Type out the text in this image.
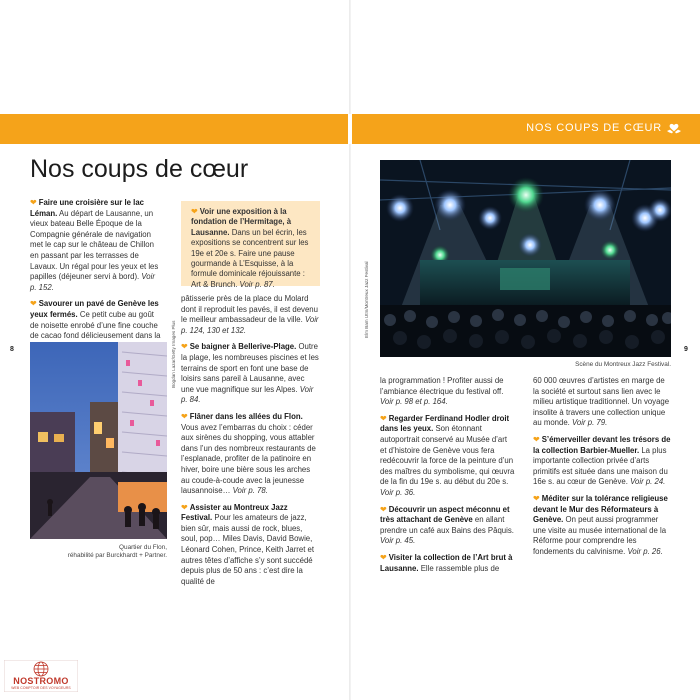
NOS COUPS DE CŒUR
Nos coups de cœur

❤ Faire une croisière sur le lac Léman. Au départ de Lausanne, un vieux bateau Belle Époque de la Compagnie générale de navigation met le cap sur le château de Chillon en passant par les terrasses de Lavaux. Un régal pour les yeux et les papilles (déjeuner servi à bord). Voir p. 152.

❤ Savourer un pavé de Genève les yeux fermés. Ce petit cube au goût de noisette enrobé d’une fine couche de cacao fond délicieusement dans la

❤ Voir une exposition à la fondation de l’Hermitage, à Lausanne. Dans un bel écrin, les expositions se concentrent sur les 19e et 20e s. Faire une pause gourmande à L’Esquisse, à la formule dominicale réjouissante : Art & Brunch. Voir p. 87.

pâtisserie près de la place du Molard dont il reproduit les pavés, il est devenu le meilleur ambassadeur de la ville. Voir p. 124, 130 et 132.

❤ Se baigner à Bellerive-Plage. Outre la plage, les nombreuses piscines et les terrains de sport en font une base de loisirs sans pareil à Lausanne, avec une vue magnifique sur les Alpes. Voir p. 84.

❤ Flâner dans les allées du Flon. Vous avez l’embarras du choix : céder aux sirènes du shopping, vous attabler dans l’un des nombreux restaurants de l’esplanade, profiter de la patinoire en hiver, boire une bière sous les arches au coude-à-coude avec la jeunesse lausannoise… Voir p. 78.

❤ Assister au Montreux Jazz Festival. Pour les amateurs de jazz, bien sûr, mais aussi de rock, blues, soul, pop… Miles Davis, David Bowie, Léonard Cohen, Prince, Keith Jarret et autres têtes d’affiche s’y sont succédé depuis plus de 50 ans : c’est dire la qualité de

Bogdan Lazar/Getty Images Plus
Quartier du Flon,
réhabilité par Burckhardt + Partner.
Elm Bam Utm/Montreux Jazz Festival
Scène du Montreux Jazz Festival.

la programmation ! Profiter aussi de l’ambiance électrique du festival off. Voir p. 98 et p. 164.

❤ Regarder Ferdinand Hodler droit dans les yeux. Son étonnant autoportrait conservé au Musée d’art et d’histoire de Genève vous fera redécouvrir la force de la peinture d’un des maîtres du symbolisme, qui œuvra de la fin du 19e s. au début du 20e s. Voir p. 36.

❤ Découvrir un aspect méconnu et très attachant de Genève en allant prendre un café aux Bains des Pâquis. Voir p. 45.

❤ Visiter la collection de l’Art brut à Lausanne. Elle rassemble plus de

60 000 œuvres d’artistes en marge de la société et surtout sans lien avec le milieu artistique traditionnel. Un voyage insolite à travers une collection unique au monde. Voir p. 79.

❤ S’émerveiller devant les trésors de la collection Barbier-Mueller. La plus importante collection privée d’arts primitifs est située dans une maison du 16e s. au cœur de Genève. Voir p. 24.

❤ Méditer sur la tolérance religieuse devant le Mur des Réformateurs à Genève. On peut aussi programmer une visite au musée international de la Réforme pour comprendre les fondements du calvinisme. Voir p. 26.

8	9
NOSTROMO
WEB COMPTOIR DES VOYAGEURS
